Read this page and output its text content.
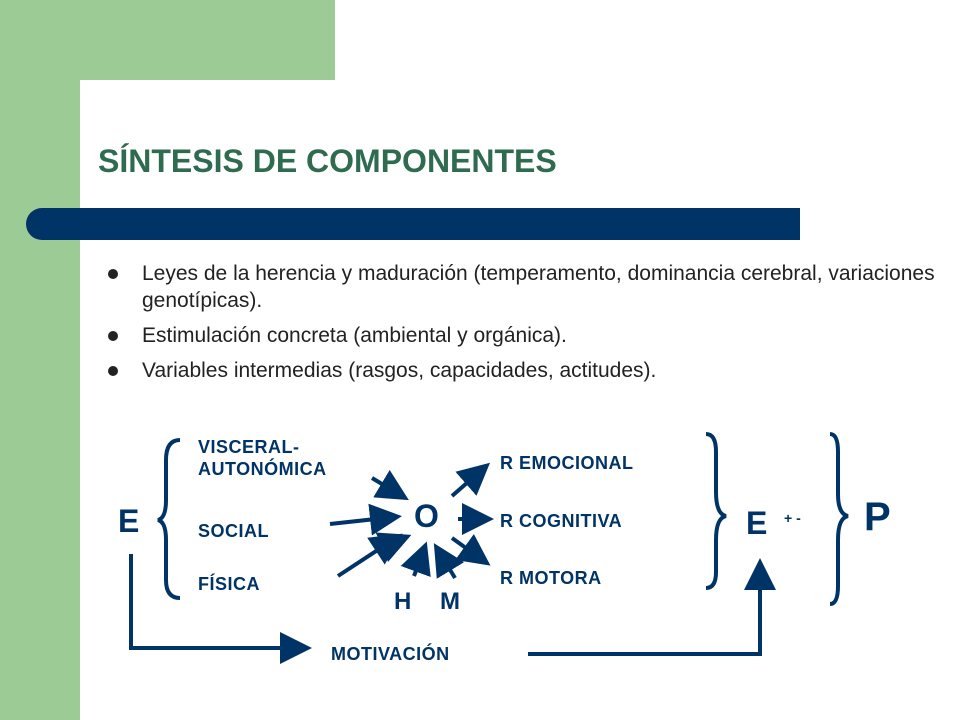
SÍNTESIS DE COMPONENTES
Leyes de la herencia y maduración (temperamento, dominancia cerebral, variaciones genotípicas).
Estimulación concreta (ambiental y orgánica).
Variables intermedias (rasgos, capacidades, actitudes).
E
VISCERAL-
AUTONÓMICA
SOCIAL
FÍSICA
O
H M
R EMOCIONAL
R COGNITIVA
R MOTORA
E + - P
MOTIVACIÓN
